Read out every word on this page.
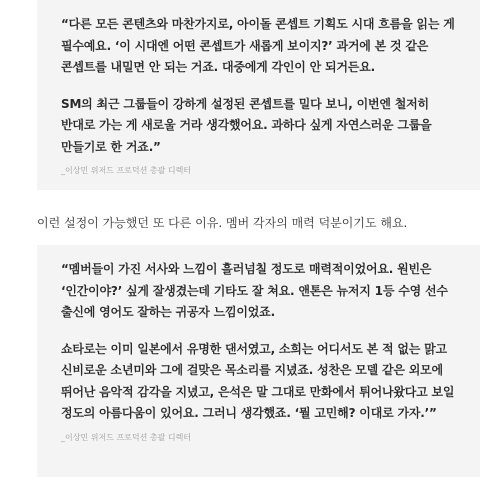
“다른 모든 콘텐츠와 마찬가지로, 아이돌 콘셉트 기획도 시대 흐름을 읽는 게
필수예요. ‘이 시대엔 어떤 콘셉트가 새롭게 보이지?’ 과거에 본 것 같은
콘셉트를 내밀면 안 되는 거죠. 대중에게 각인이 안 되거든요.

SM의 최근 그룹들이 강하게 설정된 콘셉트를 밀다 보니, 이번엔 철저히
반대로 가는 게 새로울 거라 생각했어요. 과하다 싶게 자연스러운 그룹을
만들기로 한 거죠.”

_이상민 위저드 프로덕션 총괄 디렉터

이런 설정이 가능했던 또 다른 이유. 멤버 각자의 매력 덕분이기도 해요.

“멤버들이 가진 서사와 느낌이 흘러넘칠 정도로 매력적이었어요. 원빈은
‘인간이야?’ 싶게 잘생겼는데 기타도 잘 쳐요. 앤톤은 뉴저지 1등 수영 선수
출신에 영어도 잘하는 귀공자 느낌이었죠.

쇼타로는 이미 일본에서 유명한 댄서였고, 소희는 어디서도 본 적 없는 맑고
신비로운 소년미와 그에 걸맞은 목소리를 지녔죠. 성찬은 모델 같은 외모에
뛰어난 음악적 감각을 지녔고, 은석은 말 그대로 만화에서 튀어나왔다고 보일
정도의 아름다움이 있어요. 그러니 생각했죠. ‘뭘 고민해? 이대로 가자.’”

_이상민 위저드 프로덕션 총괄 디렉터
